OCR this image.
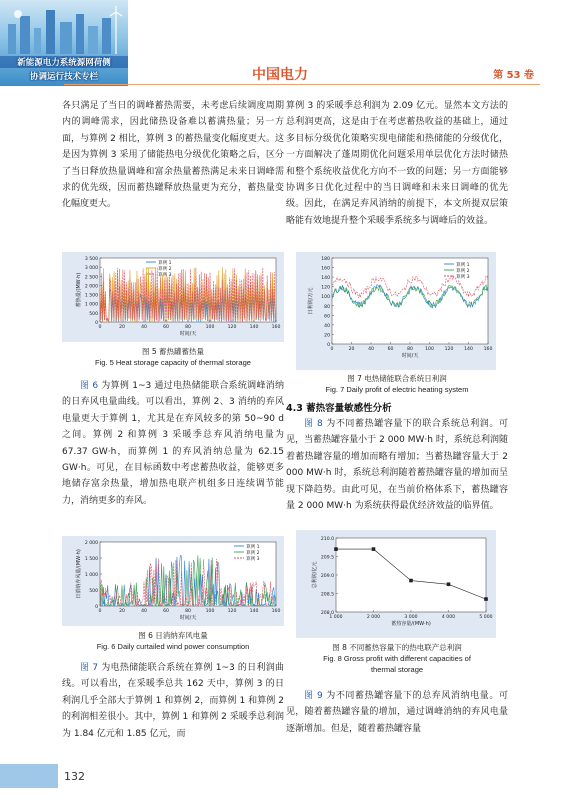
新能源电力系统源网荷侧
协调运行技术专栏	中国电力	第 53 卷

各只满足了当日的调峰蓄热需要，未考虑后续调度周期内的调峰需求，因此储热设备难以蓄满热量；另一方面，与算例 2 相比，算例 3 的蓄热量变化幅度更大。这是因为算例 3 采用了储能热电分级优化策略之后，区分了当日释放热量调峰和富余热量蓄热满足未来日调峰需求的优先级，因而蓄热罐释放热量更为充分，蓄热量变化幅度更大。

0
500
1 000
1 500
2 000
2 500
3 000
3 500
0	20	40	60	80	100	120	140	160
时间/天
蓄热量/(MW·h)
算例 1
算例 2
算例 3
图 5 蓄热罐蓄热量
Fig. 5 Heat storage capacity of thermal storage

图 6 为算例 1~3 通过电热储能联合系统调峰消纳的日弃风电量曲线。可以看出，算例 2、3 消纳的弃风电量更大于算例 1，尤其是在弃风较多的第 50~90 d 之间。算例 2 和算例 3 采暖季总弃风消纳电量为 67.37 GW·h，而算例 1 的弃风消纳总量为 62.15 GW·h。可见，在目标函数中考虑蓄热收益，能够更多地储存富余热量，增加热电联产机组多日连续调节能力，消纳更多的弃风。

0
500
1 000
1 500
2 000
0	20	40	60	80	100	120	140	160
时间/天
日消纳弃风量/(MW·h)
算例 1
算例 2
算例 3
图 6 日消纳弃风电量
Fig. 6 Daily curtailed wind power consumption

图 7 为电热储能联合系统在算例 1~3 的日利润曲线。可以看出，在采暖季总共 162 天中，算例 3 的日利润几乎全部大于算例 1 和算例 2，而算例 1 和算例 2 的利润相差很小。其中，算例 1 和算例 2 采暖季总利润为 1.84 亿元和 1.85 亿元，而

算例 3 的采暖季总利润为 2.09 亿元。显然本文方法的总利润更高，这是由于在考虑蓄热收益的基础上，通过多目标分级优化策略实现电储能和热储能的分级优化，一方面解决了蓬周期优化问题采用单层优化方法时储热和整个系统收益优化方向不一致的问题；另一方面能够协调多日优化过程中的当日调峰和未来日调峰的优先级。因此，在满足弃风消纳的前提下，本文所提双层策略能有效地提升整个采暖季系统多与调峰后的效益。

0
20
40
60
80
100
120
140
160
180
0	20	40	60	80	100 120 140 160
时间/天
日利润/万元
算例 1
算例 2
算例 3
图 7 电热储能联合系统日利润
Fig. 7 Daily profit of electric heating system
4.3 蓄热容量敏感性分析

图 8 为不同蓄热罐容量下的联合系统总利润。可见，当蓄热罐容量小于 2 000 MW·h 时，系统总利润随着蓄热罐容量的增加而略有增加；当蓄热罐容量大于 2 000 MW·h 时，系统总利润随着蓄热罐容量的增加而呈现下降趋势。由此可见，在当前价格体系下，蓄热罐容量 2 000 MW·h 为系统获得最优经济效益的临界值。

208.0
208.5
209.0
209.5
210.0
1 000	2 000	3 000	4 000	5 000
蓄热容量/(MW·h)
总利润/亿元
图 8 不同蓄热容量下的热电联产总利润
Fig. 8 Gross profit with different capacities of
thermal storage

图 9 为不同蓄热罐容量下的总弃风消纳电量。可见，随着蓄热罐容量的增加，通过调峰消纳的弃风电量逐渐增加。但是，随着蓄热罐容量

132
